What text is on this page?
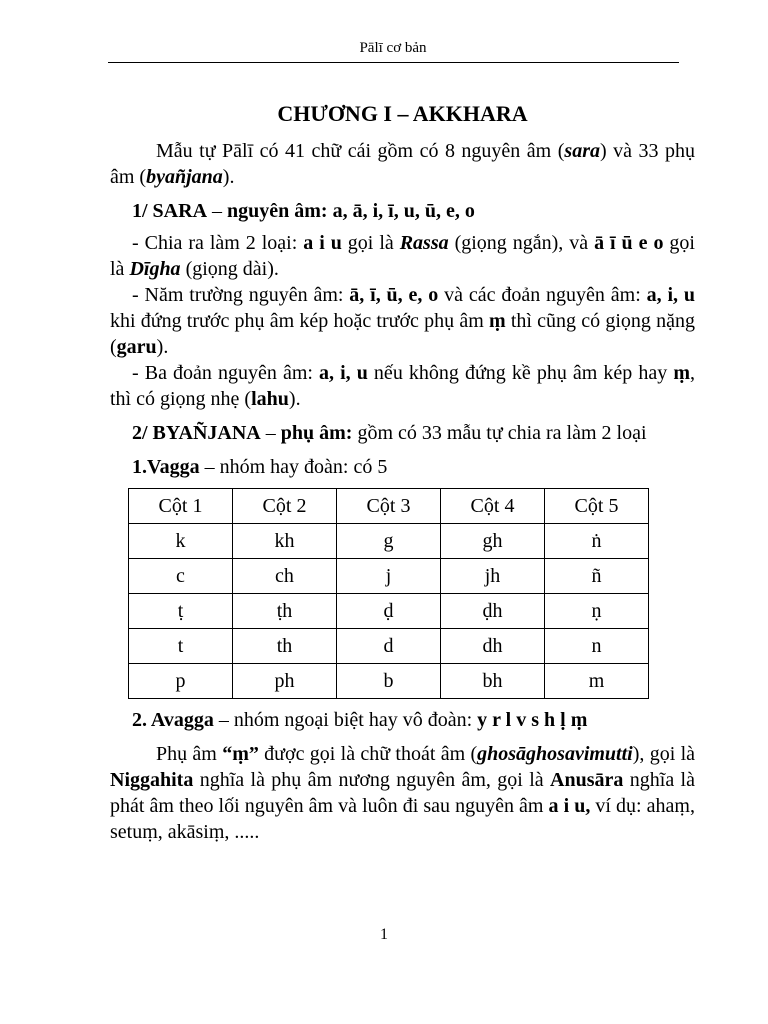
Pālī cơ bản
CHƯƠNG I – AKKHARA

Mẫu tự Pālī có 41 chữ cái gồm có 8 nguyên âm (sara) và 33 phụ âm (byañjana).

1/ SARA – nguyên âm: a, ā, i, ī, u, ū, e, o

- Chia ra làm 2 loại: a i u gọi là Rassa (giọng ngắn), và ā ī ū e o gọi là Dīgha (giọng dài).

- Năm trường nguyên âm: ā, ī, ū, e, o và các đoản nguyên âm: a, i, u khi đứng trước phụ âm kép hoặc trước phụ âm ṃ thì cũng có giọng nặng (garu).

- Ba đoản nguyên âm: a, i, u nếu không đứng kề phụ âm kép hay ṃ, thì có giọng nhẹ (lahu).

2/ BYAÑJANA – phụ âm: gồm có 33 mẫu tự chia ra làm 2 loại

1.Vagga – nhóm hay đoàn: có 5

Cột 1	Cột 2	Cột 3	Cột 4	Cột 5
k	kh	g	gh	ṅ
c	ch	j	jh	ñ
ṭ	ṭh	ḍ	ḍh	ṇ
t	th	d	dh	n
p	ph	b	bh	m

2. Avagga – nhóm ngoại biệt hay vô đoàn: y r l v s h ḷ ṃ

Phụ âm “ṃ” được gọi là chữ thoát âm (ghosāghosavimutti), gọi là Niggahita nghĩa là phụ âm nương nguyên âm, gọi là Anusāra nghĩa là phát âm theo lối nguyên âm và luôn đi sau nguyên âm a i u, ví dụ: ahaṃ, setuṃ, akāsiṃ, .....

1
